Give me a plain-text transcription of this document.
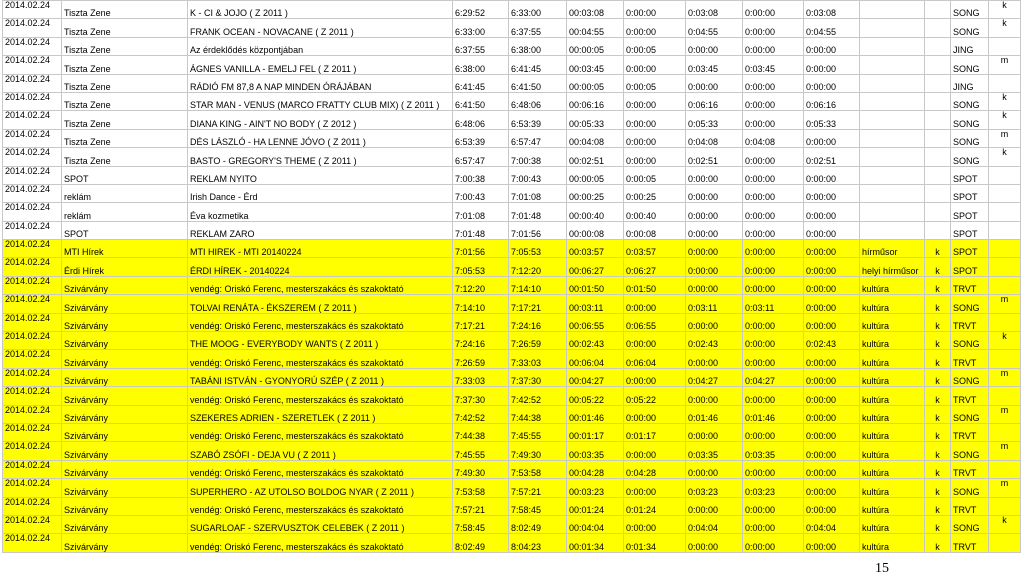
2014.02.24	Tiszta Zene	K - CI & JOJO ( Z 2011 )	6:29:52	6:33:00	00:03:08	0:00:00	0:03:08	0:00:00	0:03:08			SONG	k
2014.02.24	Tiszta Zene	FRANK OCEAN - NOVACANE ( Z 2011 )	6:33:00	6:37:55	00:04:55	0:00:00	0:04:55	0:00:00	0:04:55			SONG	k
2014.02.24	Tiszta Zene	Az érdeklődés központjában	6:37:55	6:38:00	00:00:05	0:00:05	0:00:00	0:00:00	0:00:00			JING	
2014.02.24	Tiszta Zene	ÁGNES VANILLA - EMELJ FEL ( Z 2011 )	6:38:00	6:41:45	00:03:45	0:00:00	0:03:45	0:03:45	0:00:00			SONG	m
2014.02.24	Tiszta Zene	RÁDIÓ FM 87,8 A NAP MINDEN ÓRÁJÁBAN	6:41:45	6:41:50	00:00:05	0:00:05	0:00:00	0:00:00	0:00:00			JING	
2014.02.24	Tiszta Zene	STAR MAN - VENUS (MARCO FRATTY CLUB MIX) ( Z 2011 )	6:41:50	6:48:06	00:06:16	0:00:00	0:06:16	0:00:00	0:06:16			SONG	k
2014.02.24	Tiszta Zene	DIANA KING - AIN'T NO BODY ( Z 2012 )	6:48:06	6:53:39	00:05:33	0:00:00	0:05:33	0:00:00	0:05:33			SONG	k
2014.02.24	Tiszta Zene	DÉS LÁSZLÓ - HA LENNE JÓVO ( Z 2011 )	6:53:39	6:57:47	00:04:08	0:00:00	0:04:08	0:04:08	0:00:00			SONG	m
2014.02.24	Tiszta Zene	BASTO - GREGORY'S THEME ( Z 2011 )	6:57:47	7:00:38	00:02:51	0:00:00	0:02:51	0:00:00	0:02:51			SONG	k
2014.02.24	SPOT	REKLAM NYITO	7:00:38	7:00:43	00:00:05	0:00:05	0:00:00	0:00:00	0:00:00			SPOT	
2014.02.24	reklám	Irish Dance - Érd	7:00:43	7:01:08	00:00:25	0:00:25	0:00:00	0:00:00	0:00:00			SPOT	
2014.02.24	reklám	Éva kozmetika	7:01:08	7:01:48	00:00:40	0:00:40	0:00:00	0:00:00	0:00:00			SPOT	
2014.02.24	SPOT	REKLAM ZARO	7:01:48	7:01:56	00:00:08	0:00:08	0:00:00	0:00:00	0:00:00			SPOT	
2014.02.24	MTI Hírek	MTI HIREK - MTI 20140224	7:01:56	7:05:53	00:03:57	0:03:57	0:00:00	0:00:00	0:00:00	hírműsor	k	SPOT	
2014.02.24	Érdi Hírek	ÉRDI HÍREK - 20140224	7:05:53	7:12:20	00:06:27	0:06:27	0:00:00	0:00:00	0:00:00	helyi hírműsor	k	SPOT	
2014.02.24	Szivárvány	vendég: Oriskó Ferenc, mesterszakács és szakoktató	7:12:20	7:14:10	00:01:50	0:01:50	0:00:00	0:00:00	0:00:00	kultúra	k	TRVT	
2014.02.24	Szivárvány	TOLVAI RENÁTA - ÉKSZEREM ( Z 2011 )	7:14:10	7:17:21	00:03:11	0:00:00	0:03:11	0:03:11	0:00:00	kultúra	k	SONG	m
2014.02.24	Szivárvány	vendég: Oriskó Ferenc, mesterszakács és szakoktató	7:17:21	7:24:16	00:06:55	0:06:55	0:00:00	0:00:00	0:00:00	kultúra	k	TRVT	
2014.02.24	Szivárvány	THE MOOG - EVERYBODY WANTS ( Z 2011 )	7:24:16	7:26:59	00:02:43	0:00:00	0:02:43	0:00:00	0:02:43	kultúra	k	SONG	k
2014.02.24	Szivárvány	vendég: Oriskó Ferenc, mesterszakács és szakoktató	7:26:59	7:33:03	00:06:04	0:06:04	0:00:00	0:00:00	0:00:00	kultúra	k	TRVT	
2014.02.24	Szivárvány	TABÁNI ISTVÁN - GYONYORÚ SZÉP ( Z 2011 )	7:33:03	7:37:30	00:04:27	0:00:00	0:04:27	0:04:27	0:00:00	kultúra	k	SONG	m
2014.02.24	Szivárvány	vendég: Oriskó Ferenc, mesterszakács és szakoktató	7:37:30	7:42:52	00:05:22	0:05:22	0:00:00	0:00:00	0:00:00	kultúra	k	TRVT	
2014.02.24	Szivárvány	SZEKERES ADRIEN - SZERETLEK ( Z 2011 )	7:42:52	7:44:38	00:01:46	0:00:00	0:01:46	0:01:46	0:00:00	kultúra	k	SONG	m
2014.02.24	Szivárvány	vendég: Oriskó Ferenc, mesterszakács és szakoktató	7:44:38	7:45:55	00:01:17	0:01:17	0:00:00	0:00:00	0:00:00	kultúra	k	TRVT	
2014.02.24	Szivárvány	SZABÓ ZSÓFI - DEJA VU ( Z 2011 )	7:45:55	7:49:30	00:03:35	0:00:00	0:03:35	0:03:35	0:00:00	kultúra	k	SONG	m
2014.02.24	Szivárvány	vendég: Oriskó Ferenc, mesterszakács és szakoktató	7:49:30	7:53:58	00:04:28	0:04:28	0:00:00	0:00:00	0:00:00	kultúra	k	TRVT	
2014.02.24	Szivárvány	SUPERHERO - AZ UTOLSO BOLDOG NYAR ( Z 2011 )	7:53:58	7:57:21	00:03:23	0:00:00	0:03:23	0:03:23	0:00:00	kultúra	k	SONG	m
2014.02.24	Szivárvány	vendég: Oriskó Ferenc, mesterszakács és szakoktató	7:57:21	7:58:45	00:01:24	0:01:24	0:00:00	0:00:00	0:00:00	kultúra	k	TRVT	
2014.02.24	Szivárvány	SUGARLOAF - SZERVUSZTOK CELEBEK ( Z 2011 )	7:58:45	8:02:49	00:04:04	0:00:00	0:04:04	0:00:00	0:04:04	kultúra	k	SONG	k
2014.02.24	Szivárvány	vendég: Oriskó Ferenc, mesterszakács és szakoktató	8:02:49	8:04:23	00:01:34	0:01:34	0:00:00	0:00:00	0:00:00	kultúra	k	TRVT	
15
